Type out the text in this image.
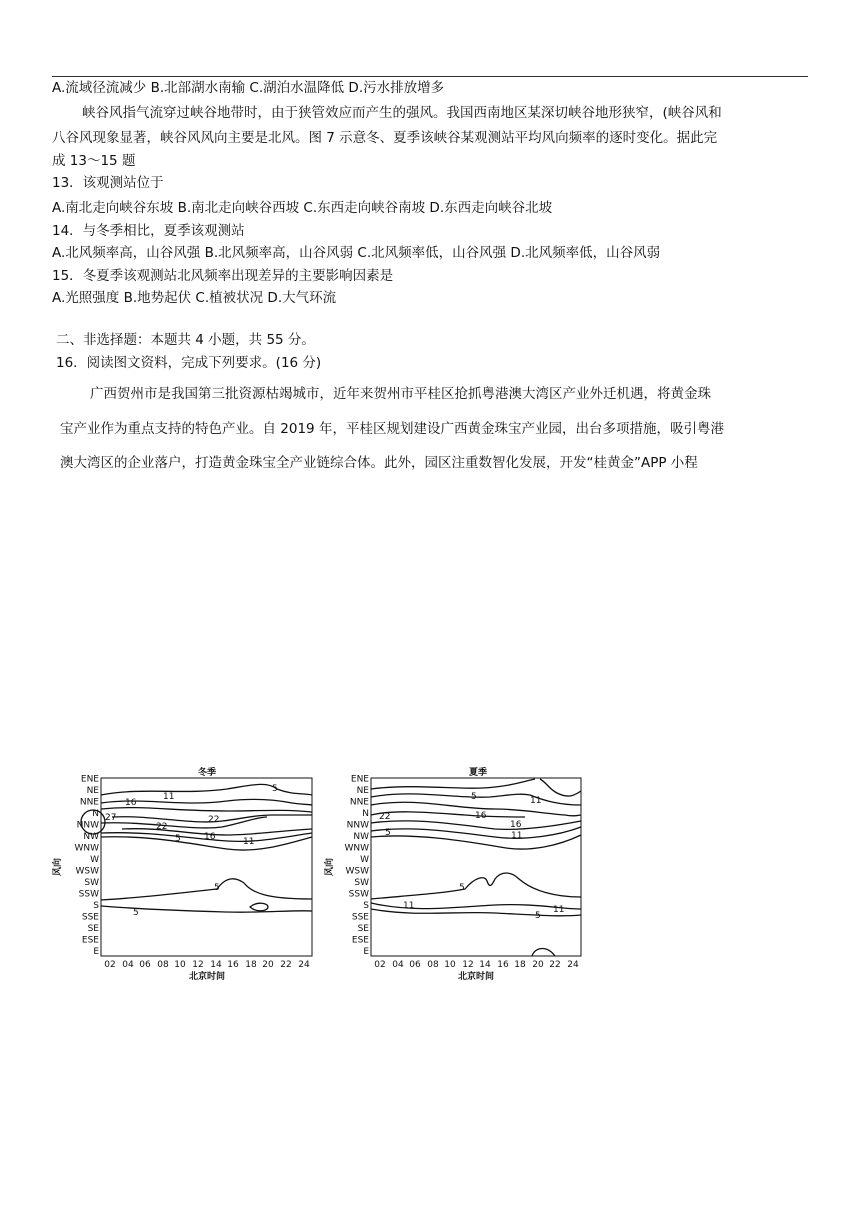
A.流域径流减少 B.北部湖水南输 C.湖泊水温降低 D.污水排放增多
峡谷风指气流穿过峡谷地带时，由于狭管效应而产生的强风。我国西南地区某深切峡谷地形狭窄，(峡谷风和
八谷风现象显著，峡谷风风向主要是北风。图 7 示意冬、夏季该峡谷某观测站平均风向频率的逐时变化。据此完
成 13～15 题
13．该观测站位于
A.南北走向峡谷东坡 B.南北走向峡谷西坡 C.东西走向峡谷南坡 D.东西走向峡谷北坡
14．与冬季相比，夏季该观测站
A.北风频率高，山谷风强 B.北风频率高，山谷风弱 C.北风频率低，山谷风强 D.北风频率低，山谷风弱
15．冬夏季该观测站北风频率出现差异的主要影响因素是
A.光照强度 B.地势起伏 C.植被状况 D.大气环流
二、非选择题：本题共 4 小题，共 55 分。
16．阅读图文资料，完成下列要求。(16 分)
广西贺州市是我国第三批资源枯竭城市，近年来贺州市平桂区抢抓粤港澳大湾区产业外迁机遇，将黄金珠
宝产业作为重点支持的特色产业。自 2019 年，平桂区规划建设广西黄金珠宝产业园，出台多项措施，吸引粤港
澳大湾区的企业落户，打造黄金珠宝全产业链综合体。此外，园区注重数智化发展，开发“桂黄金”APP 小程
冬季
ENE
NE
NNE
N
NNW
NW
WNW
W
WSW
SW
SSW
S
SSE
SE
ESE
E
风向
02 04 06 08 10 12 14 16 18 20 22 24
北京时间
5
11
16
22
27
22
16	11
5
5
5
夏季
ENE
NE
NNE
N
NNW
NW
WNW
W
WSW
SW
SSW
S
SSE
SE
ESE
E
风向
02 04 06 08 10 12 14 16 18 20 22 24
北京时间
5	11
22	16
16
11
5
5
11	11
5
